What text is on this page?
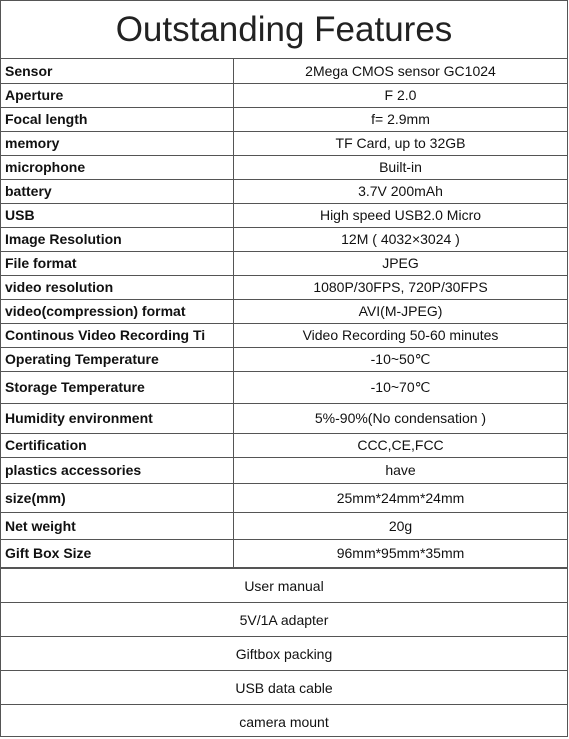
Outstanding Features
Sensor	2Mega CMOS sensor GC1024
Aperture	F 2.0
Focal length	f= 2.9mm
memory	TF Card, up to 32GB
microphone	Built-in
battery	3.7V 200mAh
USB	High speed USB2.0 Micro
Image Resolution	12M ( 4032×3024 )
File format	JPEG
video resolution	1080P/30FPS, 720P/30FPS
video(compression) format	AVI(M-JPEG)
Continous Video Recording Ti	Video Recording 50-60 minutes
Operating Temperature	-10~50℃
Storage Temperature	-10~70℃
Humidity environment	5%-90%(No condensation )
Certification	CCC,CE,FCC
plastics accessories	have
size(mm)	25mm*24mm*24mm
Net weight	20g
Gift Box Size	96mm*95mm*35mm
User manual
5V/1A adapter
Giftbox packing
USB data cable
camera mount
